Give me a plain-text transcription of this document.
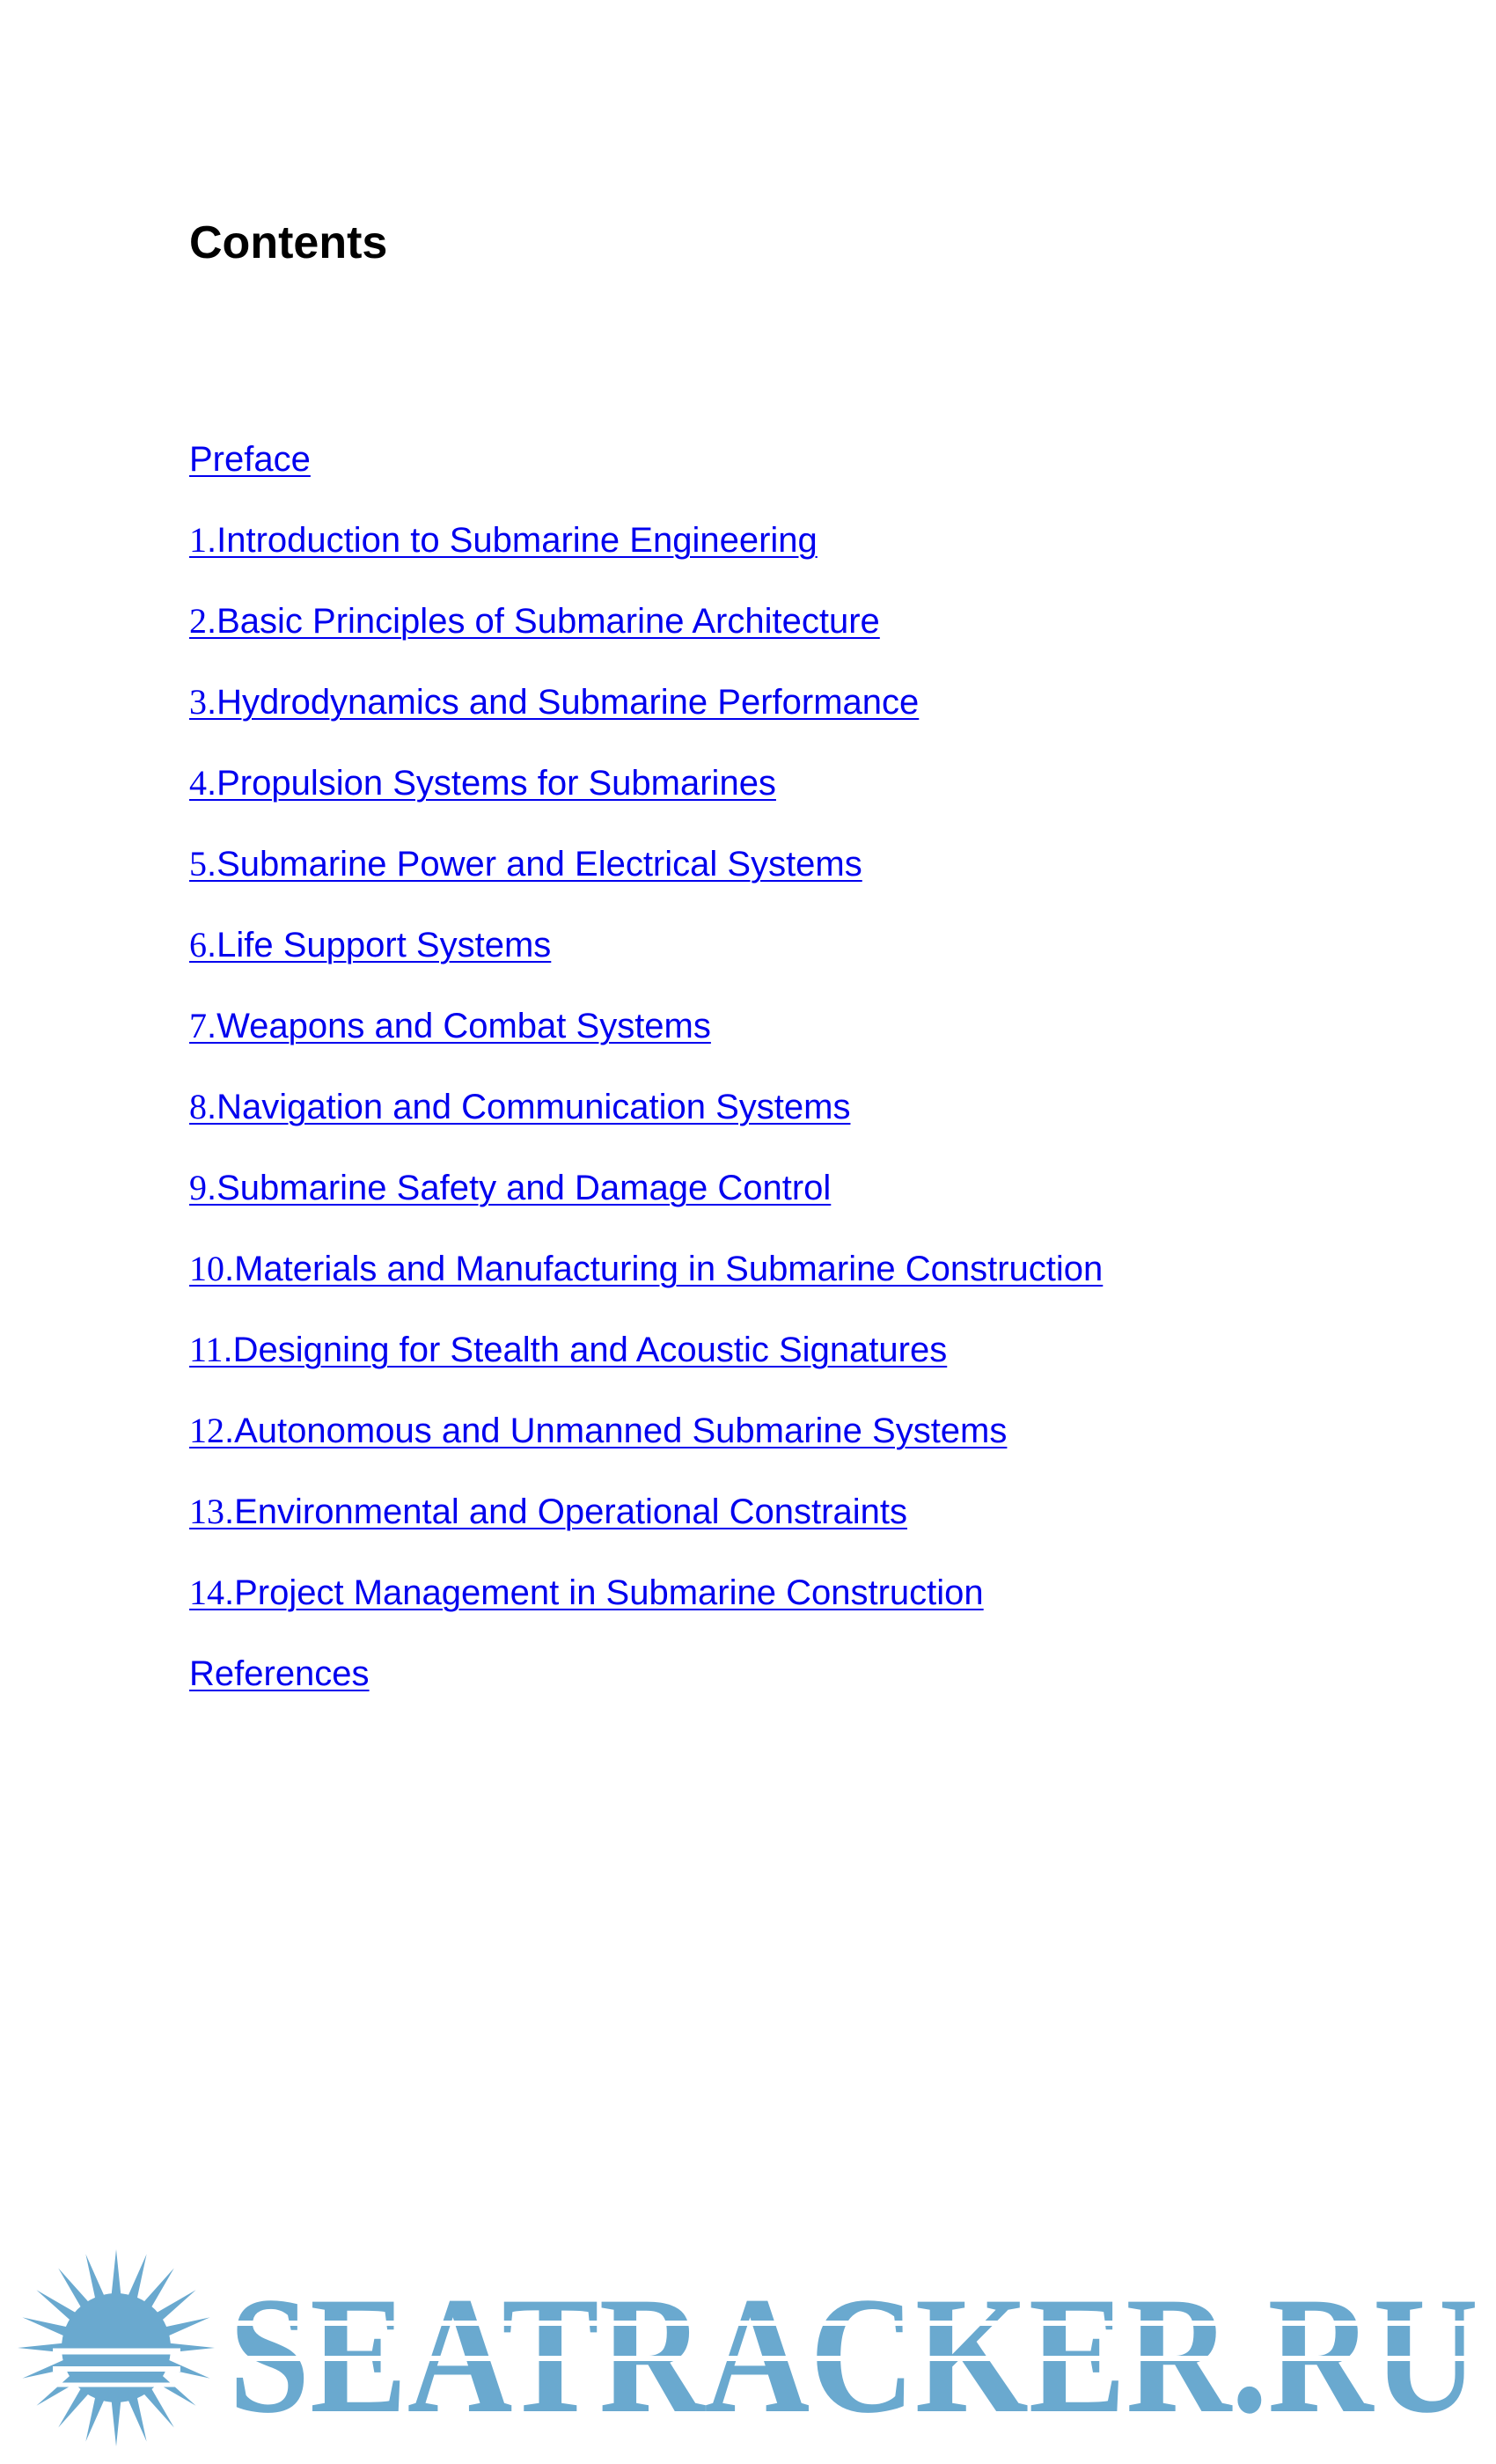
Contents
Preface
1.Introduction to Submarine Engineering
2.Basic Principles of Submarine Architecture
3.Hydrodynamics and Submarine Performance
4.Propulsion Systems for Submarines
5.Submarine Power and Electrical Systems
6.Life Support Systems
7.Weapons and Combat Systems
8.Navigation and Communication Systems
9.Submarine Safety and Damage Control
10.Materials and Manufacturing in Submarine Construction
11.Designing for Stealth and Acoustic Signatures
12.Autonomous and Unmanned Submarine Systems
13.Environmental and Operational Constraints
14.Project Management in Submarine Construction
References
SEATRACKER.RU
